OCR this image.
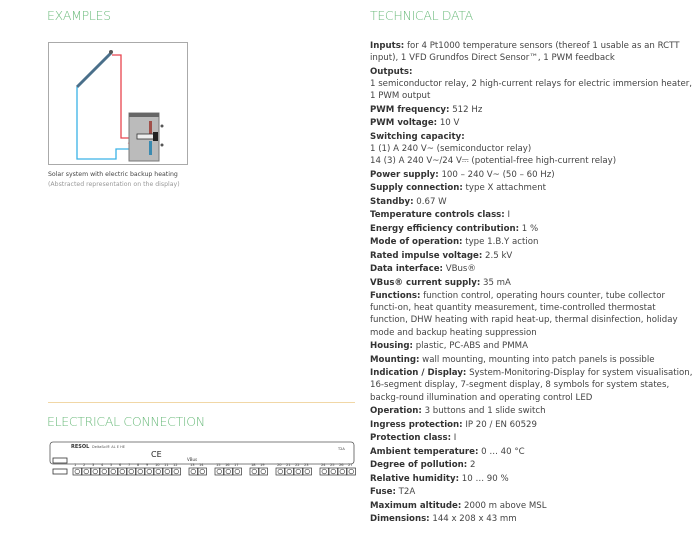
EXAMPLES	TECHNICAL DATA
ELECTRICAL CONNECTION
Solar system with electric backup heating
(Abstracted representation on the display)
Inputs: for 4 Pt1000 temperature sensors (thereof 1 usable as an RCTT input), 1 VFD Grundfos Direct Sensor™, 1 PWM feedback
Outputs:
1 semiconductor relay, 2 high-current relays for electric immersion heater, 1 PWM output
PWM frequency: 512 Hz
PWM voltage: 10 V
Switching capacity:
1 (1) A 240 V~ (semiconductor relay)
14 (3) A 240 V~/24 V⎓ (potential-free high-current relay)
Power supply: 100 – 240 V~ (50 – 60 Hz)
Supply connection: type X attachment
Standby: 0.67 W
Temperature controls class: I
Energy efficiency contribution: 1 %
Mode of operation: type 1.B.Y action
Rated impulse voltage: 2.5 kV
Data interface: VBus®
VBus® current supply: 35 mA
Functions: function control, operating hours counter, tube collector functi-on, heat quantity measurement, time-controlled thermostat function, DHW heating with rapid heat-up, thermal disinfection, holiday mode and backup heating suppression
Housing: plastic, PC-ABS and PMMA
Mounting: wall mounting, mounting into patch panels is possible
Indication / Display: System-Monitoring-Display for system visualisation, 16-segment display, 7-segment display, 8 symbols for system states, backg-round illumination and operating control LED
Operation: 3 buttons and 1 slide switch
Ingress protection: IP 20 / EN 60529
Protection class: I
Ambient temperature: 0 … 40 °C
Degree of pollution: 2
Relative humidity: 10 … 90 %
Fuse: T2A
Maximum altitude: 2000 m above MSL
Dimensions: 144 x 208 x 43 mm
RESOL DeltaSol® AL E HE
CE
VBus
T2A
1 2 3 4 5 6 7 8 9 10 11 12	13 14	15 16 17	18 19	20 21 22 23	24 25 26 27
